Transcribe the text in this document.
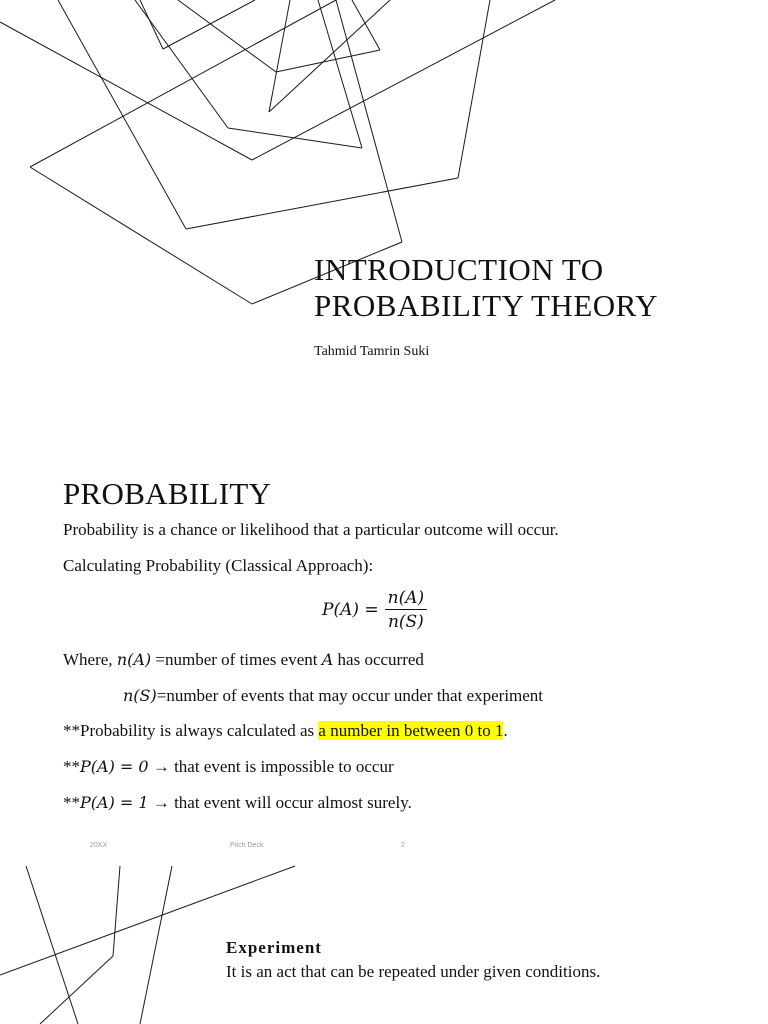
INTRODUCTION TO
PROBABILITY THEORY
Tahmid Tamrin Suki
PROBABILITY
Probability is a chance or likelihood that a particular outcome will occur.
Calculating Probability (Classical Approach):
$P(A) = \frac{n(A)}{n(S)}$
Where, n(A) =number of times event A has occurred
n(S)=number of events that may occur under that experiment
**Probability is always calculated as a number in between 0 to 1.
**P(A) = 0 → that event is impossible to occur
**P(A) = 1 → that event will occur almost surely.
20XX	Pitch Deck	2
Experiment
It is an act that can be repeated under given conditions.
